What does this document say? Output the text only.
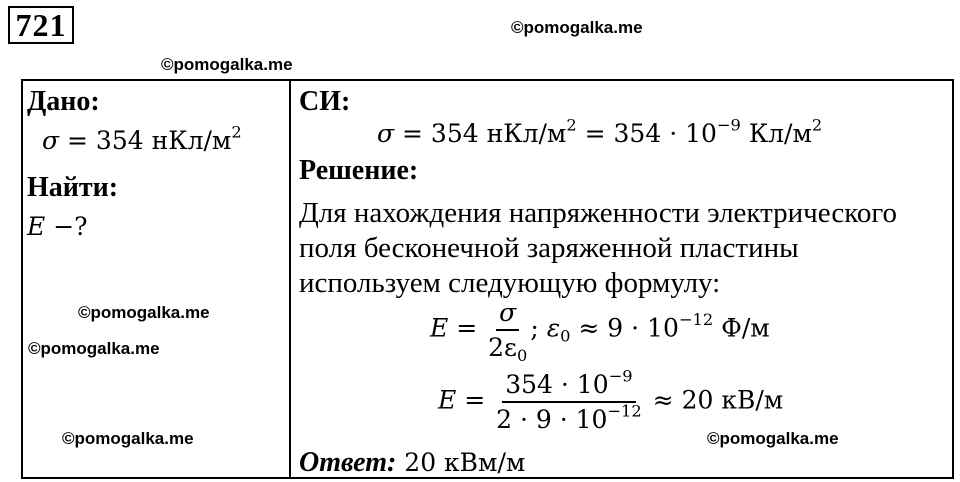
721	©pomogalka.me
©pomogalka.me
©pomogalka.me
©pomogalka.me
©pomogalka.me	©pomogalka.me
Дано:
σ = 354 нКл/$м^2$
Найти:
E −?
СИ:
σ = 354 нКл/$м^2 = 354 \cdot 10^{-9}$ $Кл/м^2$
Решение:
Для нахождения напряженности электрического
поля бесконечной заряженной пластины
используем следующую формулу:
$E = \frac{\sigma}{2\varepsilon_0}$ ; $\varepsilon_0 \approx 9 \cdot 10^{-12}$ Ф/м
$E = \frac{354 \cdot 10^{-9}}{2 \cdot 9 \cdot 10^{-12}} \approx 20$ кВ/м
Ответ: 20 кВм/м
